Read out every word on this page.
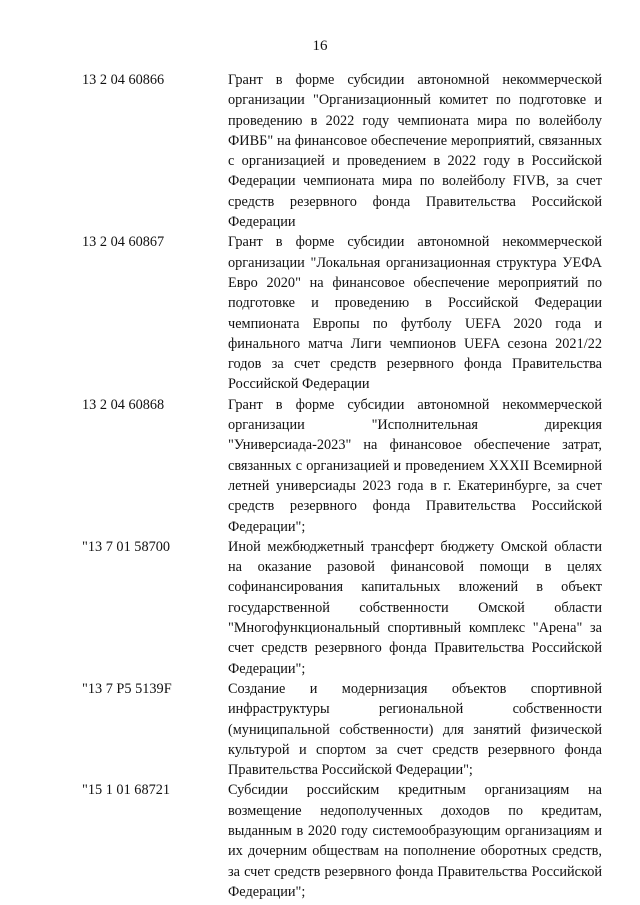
16
13 2 04 60866	Грант в форме субсидии автономной некоммерческой организации "Организационный комитет по подготовке и проведению в 2022 году чемпионата мира по волейболу ФИВБ" на финансовое обеспечение мероприятий, связанных с организацией и проведением в 2022 году в Российской Федерации чемпионата мира по волейболу FIVB, за счет средств резервного фонда Правительства Российской Федерации
13 2 04 60867	Грант в форме субсидии автономной некоммерческой организации "Локальная организационная структура УЕФА Евро 2020" на финансовое обеспечение мероприятий по подготовке и проведению в Российской Федерации чемпионата Европы по футболу UEFA 2020 года и финального матча Лиги чемпионов UEFA сезона 2021/22 годов за счет средств резервного фонда Правительства Российской Федерации
13 2 04 60868	Грант в форме субсидии автономной некоммерческой организации "Исполнительная дирекция "Универсиада-2023" на финансовое обеспечение затрат, связанных с организацией и проведением XXXII Всемирной летней универсиады 2023 года в г. Екатеринбурге, за счет средств резервного фонда Правительства Российской Федерации";
"13 7 01 58700	Иной межбюджетный трансферт бюджету Омской области на оказание разовой финансовой помощи в целях софинансирования капитальных вложений в объект государственной собственности Омской области "Многофункциональный спортивный комплекс "Арена" за счет средств резервного фонда Правительства Российской Федерации";
"13 7 P5 5139F	Создание и модернизация объектов спортивной инфраструктуры региональной собственности (муниципальной собственности) для занятий физической культурой и спортом за счет средств резервного фонда Правительства Российской Федерации";
"15 1 01 68721	Субсидии российским кредитным организациям на возмещение недополученных доходов по кредитам, выданным в 2020 году системообразующим организациям и их дочерним обществам на пополнение оборотных средств, за счет средств резервного фонда Правительства Российской Федерации";
